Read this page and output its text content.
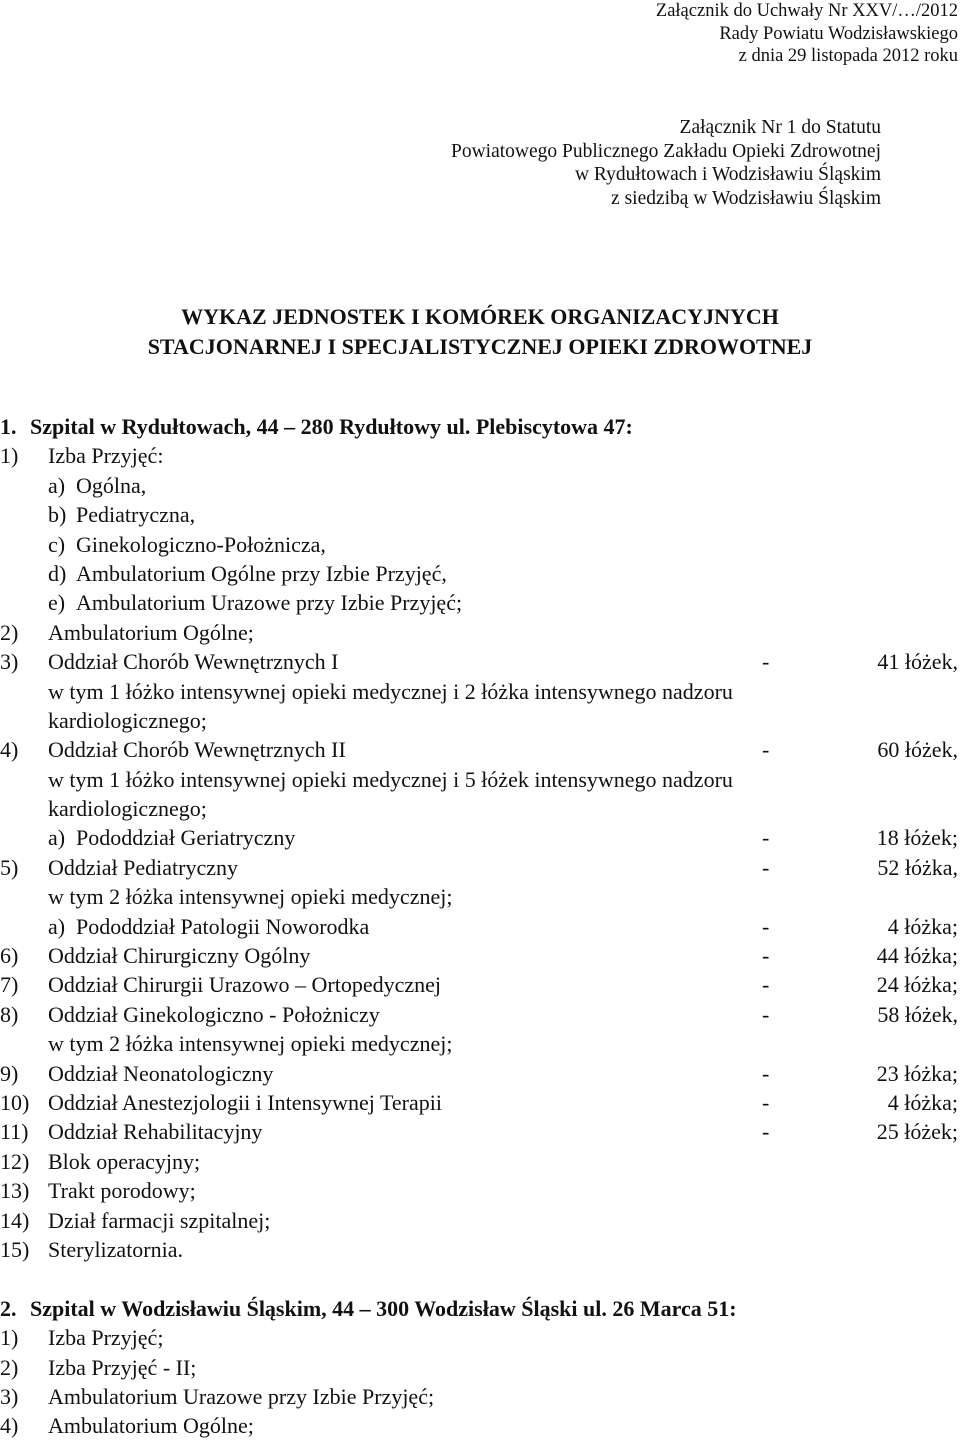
Załącznik do Uchwały Nr XXV/…/2012
Rady Powiatu Wodzisławskiego
z dnia 29 listopada 2012 roku
Załącznik Nr 1 do Statutu
Powiatowego Publicznego Zakładu Opieki Zdrowotnej
w Rydułtowach i Wodzisławiu Śląskim
z siedzibą w Wodzisławiu Śląskim
WYKAZ JEDNOSTEK I KOMÓREK ORGANIZACYJNYCH
STACJONARNEJ I SPECJALISTYCZNEJ OPIEKI ZDROWOTNEJ
1. Szpital w Rydułtowach, 44 – 280 Rydułtowy ul. Plebiscytowa 47:
1) Izba Przyjęć:
a) Ogólna,
b) Pediatryczna,
c) Ginekologiczno-Położnicza,
d) Ambulatorium Ogólne przy Izbie Przyjęć,
e) Ambulatorium Urazowe przy Izbie Przyjęć;
2) Ambulatorium Ogólne;
3) Oddział Chorób Wewnętrznych I	-	41 łóżek,
w tym 1 łóżko intensywnej opieki medycznej i 2 łóżka intensywnego nadzoru
kardiologicznego;
4) Oddział Chorób Wewnętrznych II	-	60 łóżek,
w tym 1 łóżko intensywnej opieki medycznej i 5 łóżek intensywnego nadzoru
kardiologicznego;
a) Pododdział Geriatryczny	-	18 łóżek;
5) Oddział Pediatryczny	-	52 łóżka,
w tym 2 łóżka intensywnej opieki medycznej;
a) Pododdział Patologii Noworodka	-	4 łóżka;
6) Oddział Chirurgiczny Ogólny	-	44 łóżka;
7) Oddział Chirurgii Urazowo – Ortopedycznej	-	24 łóżka;
8) Oddział Ginekologiczno - Położniczy	-	58 łóżek,
w tym 2 łóżka intensywnej opieki medycznej;
9) Oddział Neonatologiczny	-	23 łóżka;
10) Oddział Anestezjologii i Intensywnej Terapii	-	4 łóżka;
11) Oddział Rehabilitacyjny	-	25 łóżek;
12) Blok operacyjny;
13) Trakt porodowy;
14) Dział farmacji szpitalnej;
15) Sterylizatornia.
2. Szpital w Wodzisławiu Śląskim, 44 – 300 Wodzisław Śląski ul. 26 Marca 51:
1) Izba Przyjęć;
2) Izba Przyjęć - II;
3) Ambulatorium Urazowe przy Izbie Przyjęć;
4) Ambulatorium Ogólne;
